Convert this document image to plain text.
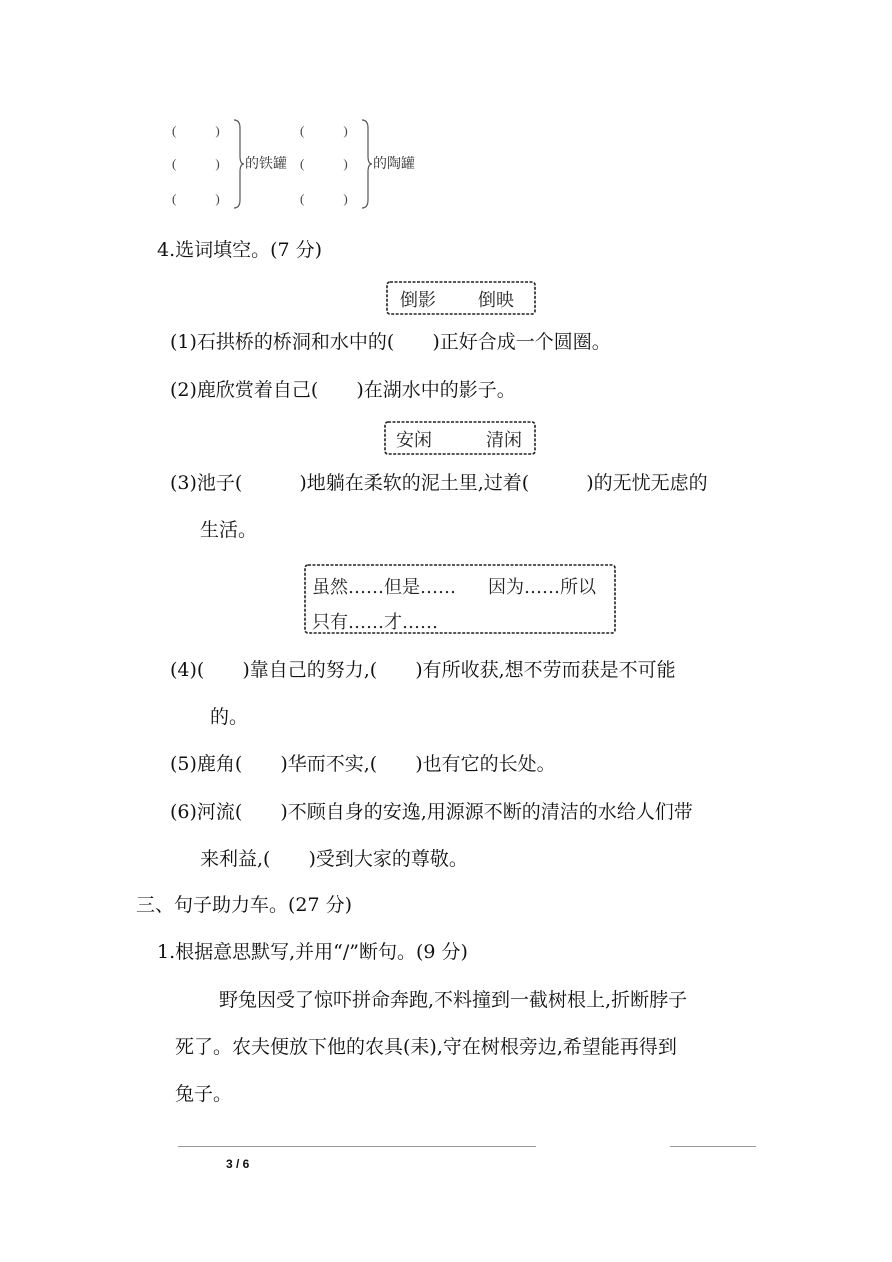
(　　　)
(　　　)
(　　　)
的铁罐
(　　　)
(　　　)
(　　　)
的陶罐
4.选词填空。(7 分)
倒影 倒映
(1)石拱桥的桥洞和水中的(　　)正好合成一个圆圈。
(2)鹿欣赏着自己(　　)在湖水中的影子。
安闲	清闲
(3)池子(　　　)地躺在柔软的泥土里,过着(　　　)的无忧无虑的
生活。
虽然……但是…… 因为……所以
只有……才……
(4)(　　)靠自己的努力,(　　)有所收获,想不劳而获是不可能
的。
(5)鹿角(　　)华而不实,(　　)也有它的长处。
(6)河流(　　)不顾自身的安逸,用源源不断的清洁的水给人们带
来利益,(　　)受到大家的尊敬。
三、句子助力车。(27 分)
1.根据意思默写,并用“/”断句。(9 分)
野兔因受了惊吓拼命奔跑,不料撞到一截树根上,折断脖子
死了。农夫便放下他的农具(耒),守在树根旁边,希望能再得到
兔子。
3 / 6
